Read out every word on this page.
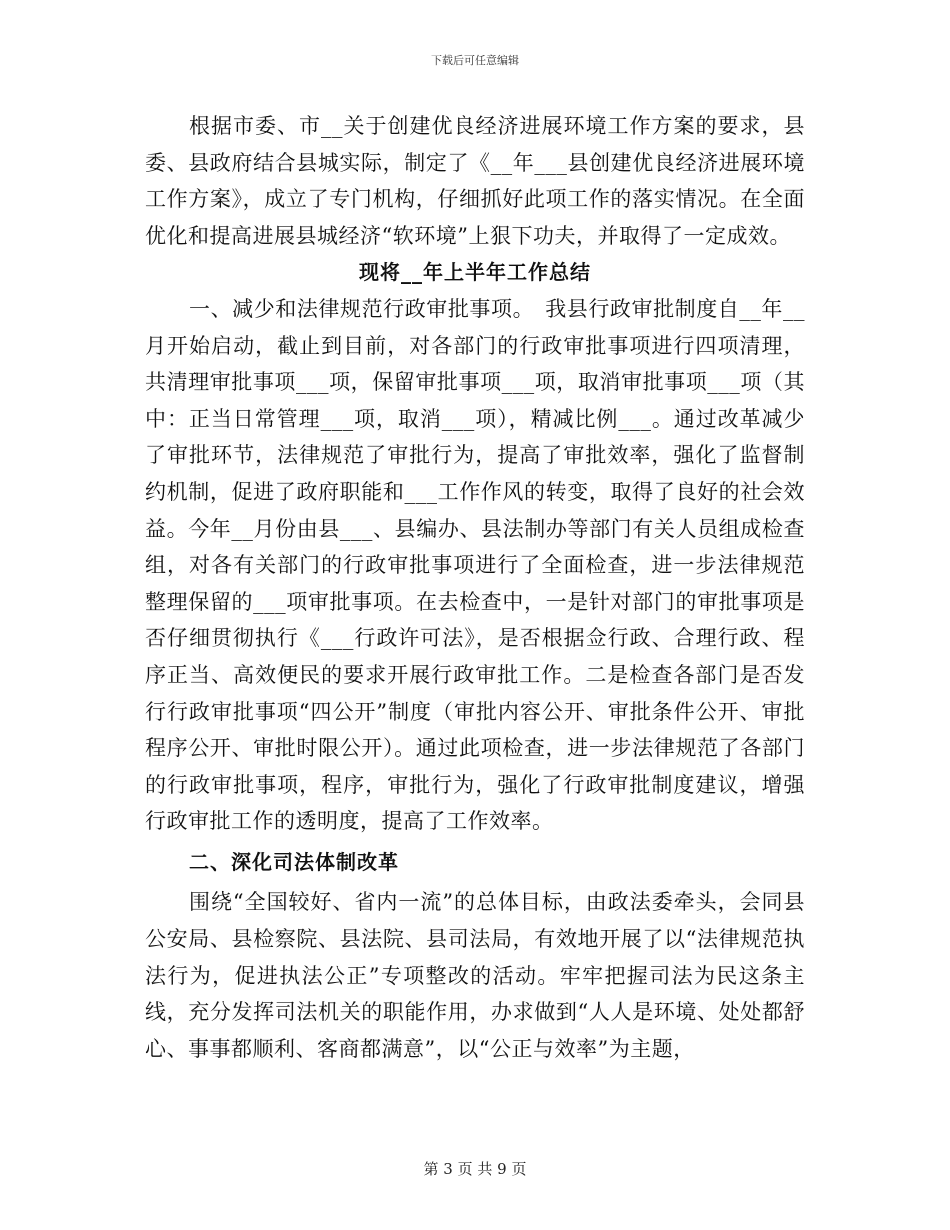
下载后可任意编辑

根据市委、市__关于创建优良经济进展环境工作方案的要求，县委、县政府结合县城实际，制定了《__年___县创建优良经济进展环境工作方案》，成立了专门机构，仔细抓好此项工作的落实情况。在全面优化和提高进展县城经济“软环境”上狠下功夫，并取得了一定成效。

现将__年上半年工作总结

一、减少和法律规范行政审批事项。　我县行政审批制度自__年__月开始启动，截止到目前，对各部门的行政审批事项进行四项清理，共清理审批事项___项，保留审批事项___项，取消审批事项___项（其中：正当日常管理___项，取消___项），精减比例___。通过改革减少了审批环节，法律规范了审批行为，提高了审批效率，强化了监督制约机制，促进了政府职能和___工作作风的转变，取得了良好的社会效益。今年__月份由县___、县编办、县法制办等部门有关人员组成检查组，对各有关部门的行政审批事项进行了全面检查，进一步法律规范整理保留的___项审批事项。在去检查中，一是针对部门的审批事项是否仔细贯彻执行《___行政许可法》，是否根据佥行政、合理行政、程序正当、高效便民的要求开展行政审批工作。二是检查各部门是否发行行政审批事项“四公开”制度（审批内容公开、审批条件公开、审批程序公开、审批时限公开）。通过此项检查，进一步法律规范了各部门的行政审批事项，程序，审批行为，强化了行政审批制度建议，增强行政审批工作的透明度，提高了工作效率。

二、深化司法体制改革

围绕“全国较好、省内一流”的总体目标，由政法委牵头，会同县公安局、县检察院、县法院、县司法局，有效地开展了以“法律规范执法行为，促进执法公正”专项整改的活动。牢牢把握司法为民这条主线，充分发挥司法机关的职能作用，办求做到“人人是环境、处处都舒心、事事都顺利、客商都满意”，以“公正与效率”为主题，

第 3 页 共 9 页
